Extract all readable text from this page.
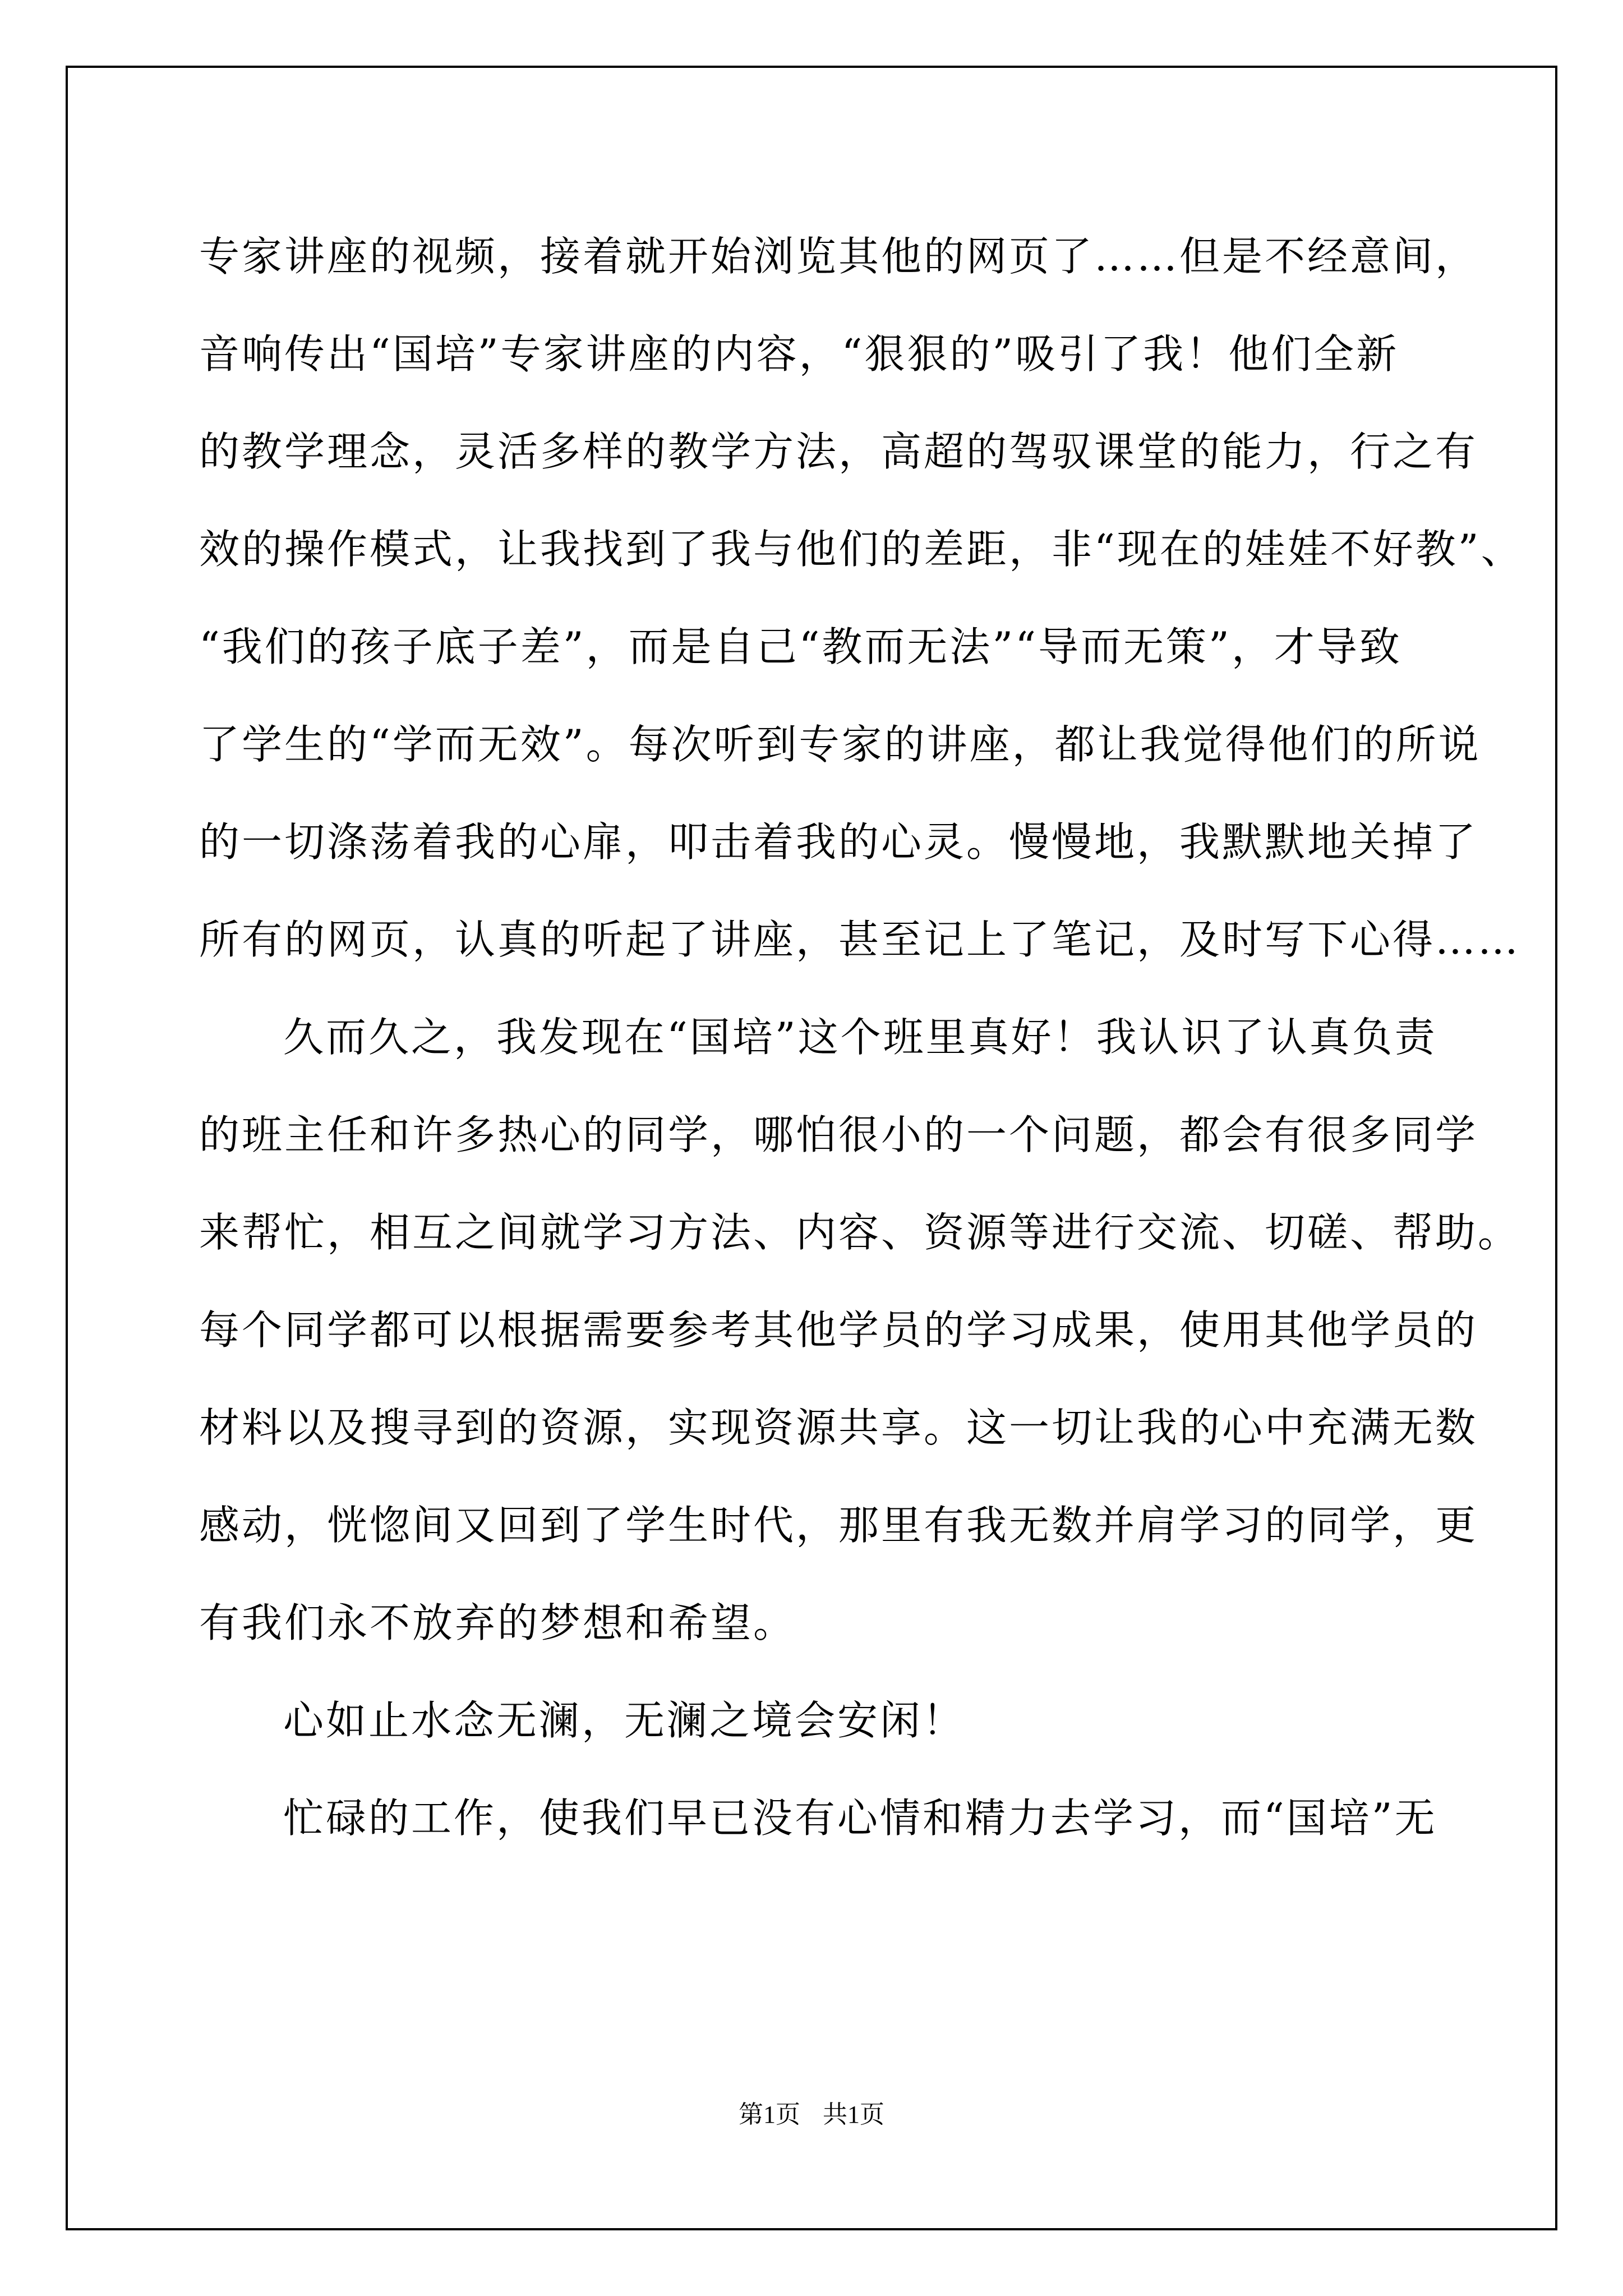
专家讲座的视频，接着就开始浏览其他的网页了……但是不经意间，
音响传出“国培”专家讲座的内容，“狠狠的”吸引了我！他们全新
的教学理念，灵活多样的教学方法，高超的驾驭课堂的能力，行之有
效的操作模式，让我找到了我与他们的差距，非“现在的娃娃不好教”、
“我们的孩子底子差”，而是自己“教而无法”“导而无策”，才导致
了学生的“学而无效”。每次听到专家的讲座，都让我觉得他们的所说
的一切涤荡着我的心扉，叩击着我的心灵。慢慢地，我默默地关掉了
所有的网页，认真的听起了讲座，甚至记上了笔记，及时写下心得……
久而久之，我发现在“国培”这个班里真好！我认识了认真负责
的班主任和许多热心的同学，哪怕很小的一个问题，都会有很多同学
来帮忙，相互之间就学习方法、内容、资源等进行交流、切磋、帮助。
每个同学都可以根据需要参考其他学员的学习成果，使用其他学员的
材料以及搜寻到的资源，实现资源共享。这一切让我的心中充满无数
感动，恍惚间又回到了学生时代，那里有我无数并肩学习的同学，更
有我们永不放弃的梦想和希望。
心如止水念无澜，无澜之境会安闲！
忙碌的工作，使我们早已没有心情和精力去学习，而“国培”无
第1页 共1页
